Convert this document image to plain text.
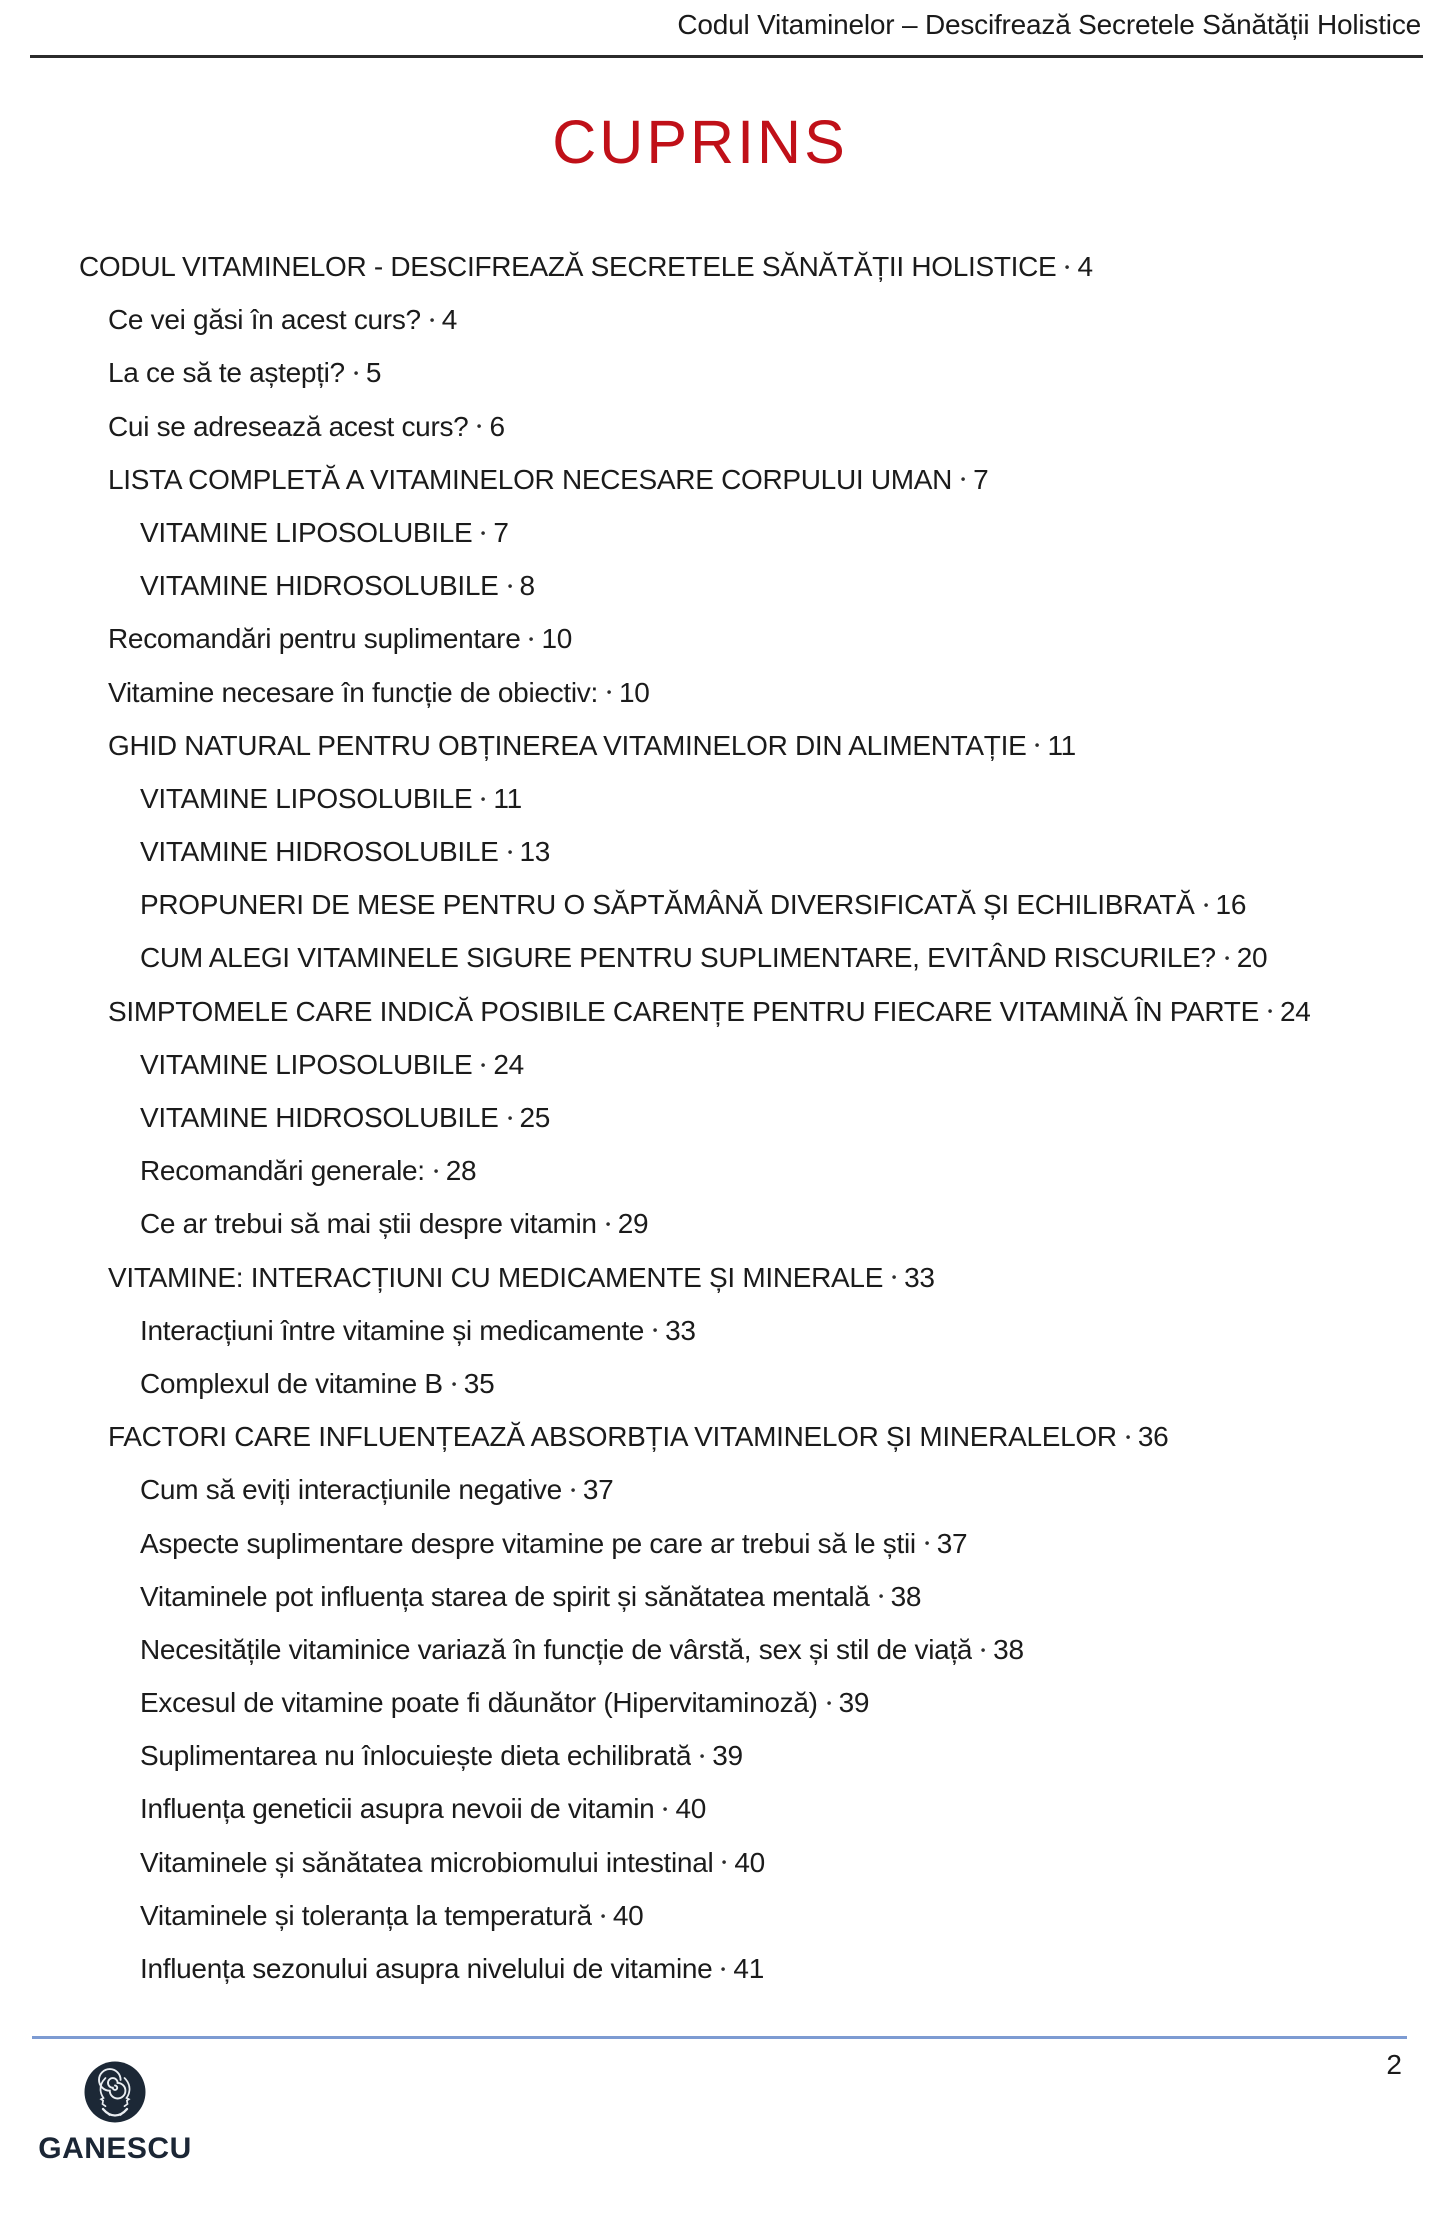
Codul Vitaminelor – Descifrează Secretele Sănătății Holistice
CUPRINS
CODUL VITAMINELOR - DESCIFREAZĂ SECRETELE SĂNĂTĂȚII HOLISTICE 4
Ce vei găsi în acest curs? 4
La ce să te aștepți? 5
Cui se adresează acest curs? 6
LISTA COMPLETĂ A VITAMINELOR NECESARE CORPULUI UMAN 7
VITAMINE LIPOSOLUBILE 7
VITAMINE HIDROSOLUBILE 8
Recomandări pentru suplimentare 10
Vitamine necesare în funcție de obiectiv: 10
GHID NATURAL PENTRU OBȚINEREA VITAMINELOR DIN ALIMENTAȚIE 11
VITAMINE LIPOSOLUBILE 11
VITAMINE HIDROSOLUBILE 13
PROPUNERI DE MESE PENTRU O SĂPTĂMÂNĂ DIVERSIFICATĂ ȘI ECHILIBRATĂ 16
CUM ALEGI VITAMINELE SIGURE PENTRU SUPLIMENTARE, EVITÂND RISCURILE? 20
SIMPTOMELE CARE INDICĂ POSIBILE CARENȚE PENTRU FIECARE VITAMINĂ ÎN PARTE 24
VITAMINE LIPOSOLUBILE 24
VITAMINE HIDROSOLUBILE 25
Recomandări generale: 28
Ce ar trebui să mai știi despre vitamin 29
VITAMINE: INTERACȚIUNI CU MEDICAMENTE ȘI MINERALE 33
Interacțiuni între vitamine și medicamente 33
Complexul de vitamine B 35
FACTORI CARE INFLUENȚEAZĂ ABSORBȚIA VITAMINELOR ȘI MINERALELOR 36
Cum să eviți interacțiunile negative 37
Aspecte suplimentare despre vitamine pe care ar trebui să le știi 37
Vitaminele pot influența starea de spirit și sănătatea mentală 38
Necesitățile vitaminice variază în funcție de vârstă, sex și stil de viață 38
Excesul de vitamine poate fi dăunător (Hipervitaminoză) 39
Suplimentarea nu înlocuiește dieta echilibrată 39
Influența geneticii asupra nevoii de vitamin 40
Vitaminele și sănătatea microbiomului intestinal 40
Vitaminele și toleranța la temperatură 40
Influența sezonului asupra nivelului de vitamine 41
2
GANESCU
